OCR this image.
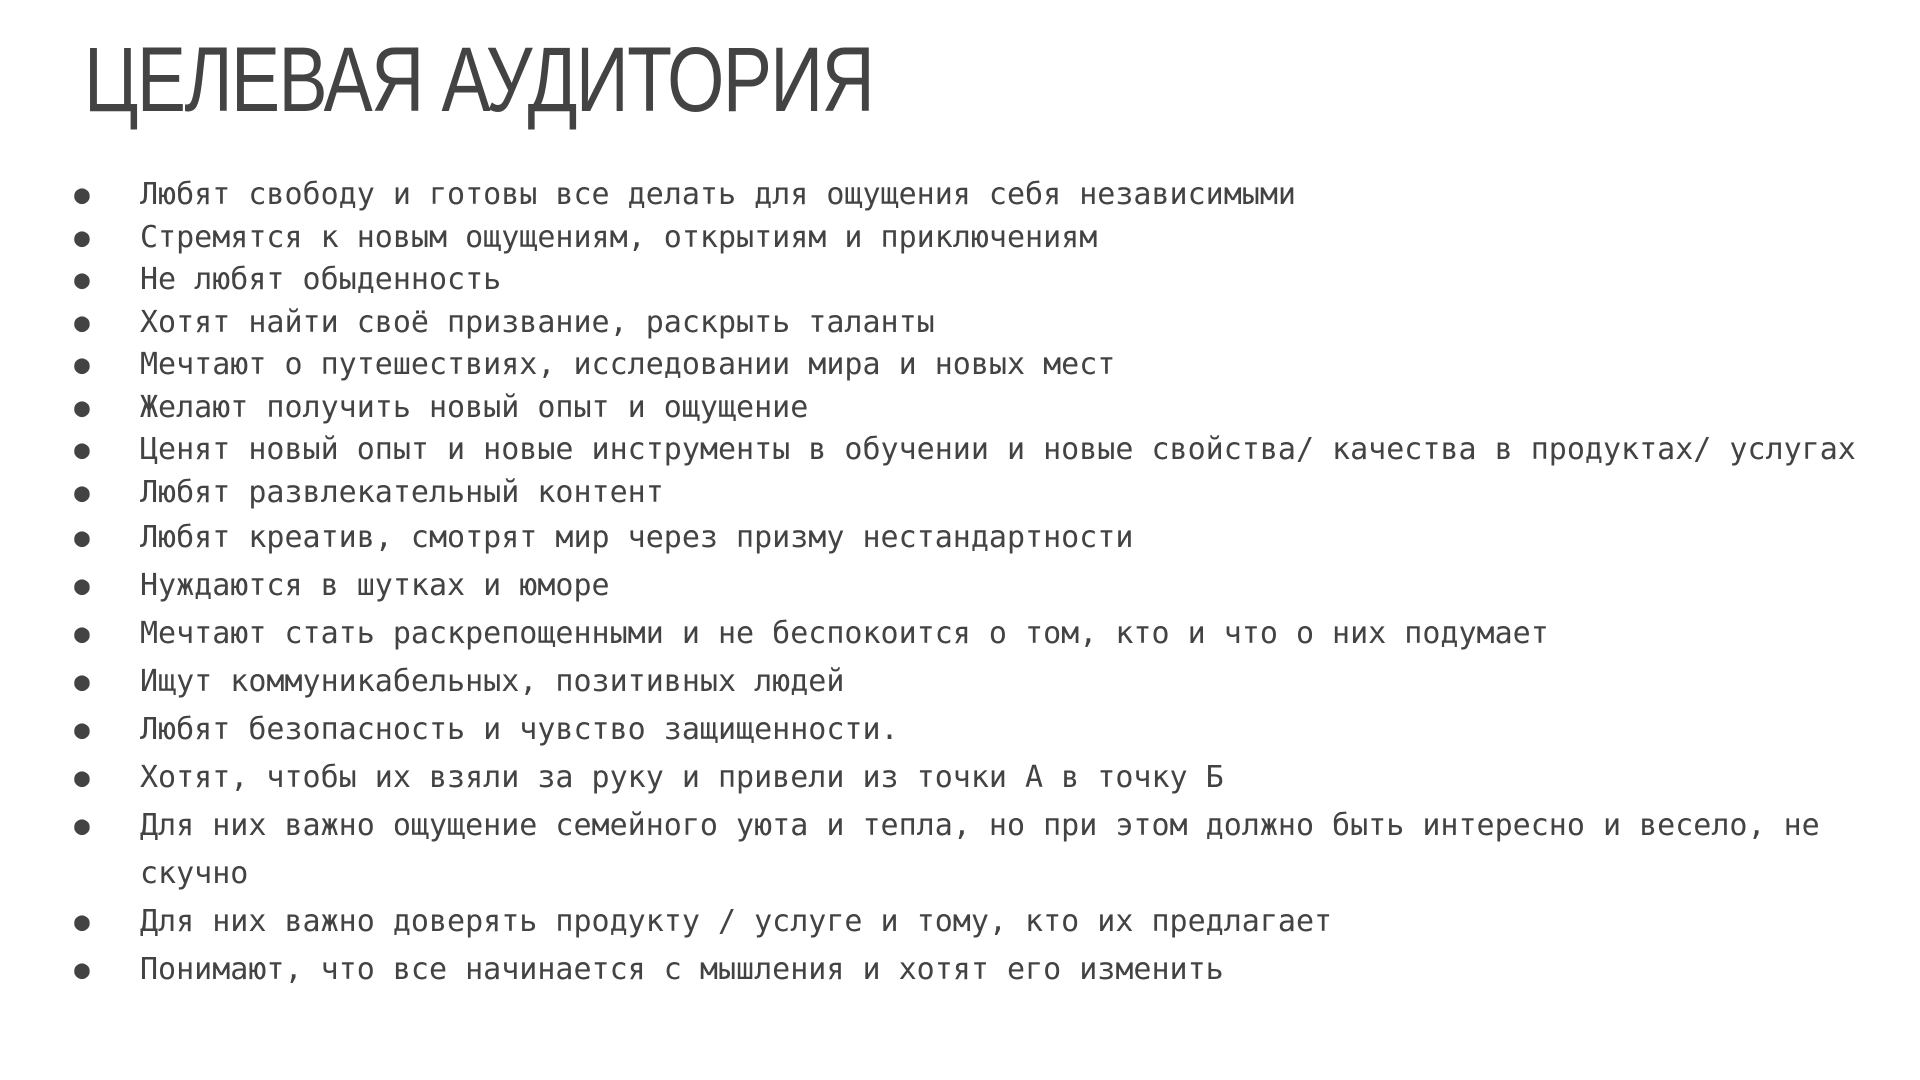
ЦЕЛЕВАЯ АУДИТОРИЯ
● Любят свободу и готовы все делать для ощущения себя независимыми
● Стремятся к новым ощущениям, открытиям и приключениям
● Не любят обыденность
● Хотят найти своё призвание, раскрыть таланты
● Мечтают о путешествиях, исследовании мира и новых мест
● Желают получить новый опыт и ощущение
● Ценят новый опыт и новые инструменты в обучении и новые свойства/ качества в продуктах/ услугах
● Любят развлекательный контент
● Любят креатив, смотрят мир через призму нестандартности
● Нуждаются в шутках и юморе
● Мечтают стать раскрепощенными и не беспокоится о том, кто и что о них подумает
● Ищут коммуникабельных, позитивных людей
● Любят безопасность и чувство защищенности.
● Хотят, чтобы их взяли за руку и привели из точки А в точку Б
● Для них важно ощущение семейного уюта и тепла, но при этом должно быть интересно и весело, не скучно
● Для них важно доверять продукту / услуге и тому, кто их предлагает
● Понимают, что все начинается с мышления и хотят его изменить
